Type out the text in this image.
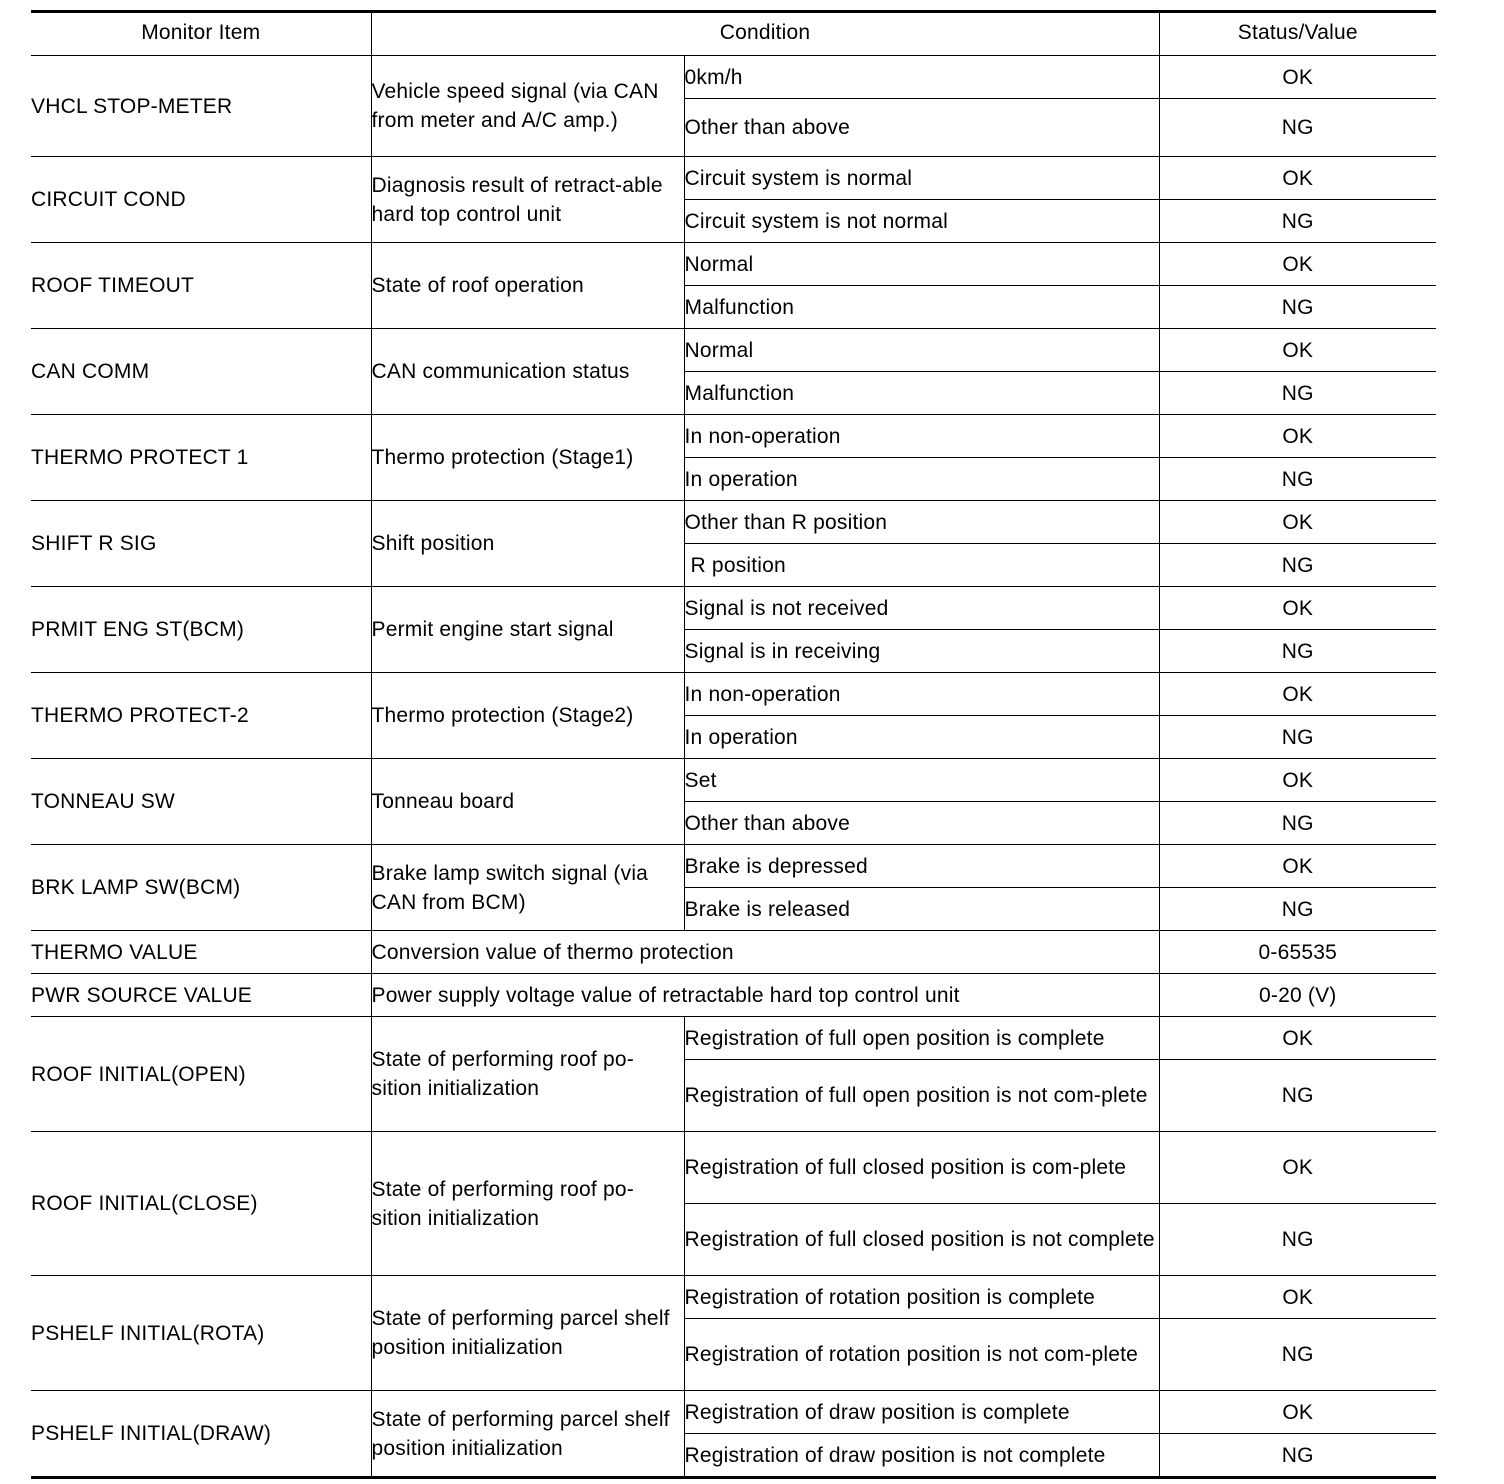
Monitor Item	Condition		Status/Value
VHCL STOP-METER	Vehicle speed signal (via CAN from meter and A/C amp.)	0km/h	OK
		Other than above	NG
CIRCUIT COND	Diagnosis result of retract-able hard top control unit	Circuit system is normal	OK
		Circuit system is not normal	NG
ROOF TIMEOUT	State of roof operation	Normal	OK
		Malfunction	NG
CAN COMM	CAN communication status	Normal	OK
		Malfunction	NG
THERMO PROTECT 1	Thermo protection (Stage1)	In non-operation	OK
		In operation	NG
SHIFT R SIG	Shift position	Other than R position	OK
		R position	NG
PRMIT ENG ST(BCM)	Permit engine start signal	Signal is not received	OK
		Signal is in receiving	NG
THERMO PROTECT-2	Thermo protection (Stage2)	In non-operation	OK
		In operation	NG
TONNEAU SW	Tonneau board	Set	OK
		Other than above	NG
BRK LAMP SW(BCM)	Brake lamp switch signal (via CAN from BCM)	Brake is depressed	OK
		Brake is released	NG
THERMO VALUE	Conversion value of thermo protection		0-65535
PWR SOURCE VALUE	Power supply voltage value of retractable hard top control unit		0-20 (V)
ROOF INITIAL(OPEN)	State of performing roof po-sition initialization	Registration of full open position is complete	OK
		Registration of full open position is not com-plete	NG
ROOF INITIAL(CLOSE)	State of performing roof po-sition initialization	Registration of full closed position is com-plete	OK
		Registration of full closed position is not complete	NG
PSHELF INITIAL(ROTA)	State of performing parcel shelf position initialization	Registration of rotation position is complete	OK
		Registration of rotation position is not com-plete	NG
PSHELF INITIAL(DRAW)	State of performing parcel shelf position initialization	Registration of draw position is complete	OK
		Registration of draw position is not complete	NG
